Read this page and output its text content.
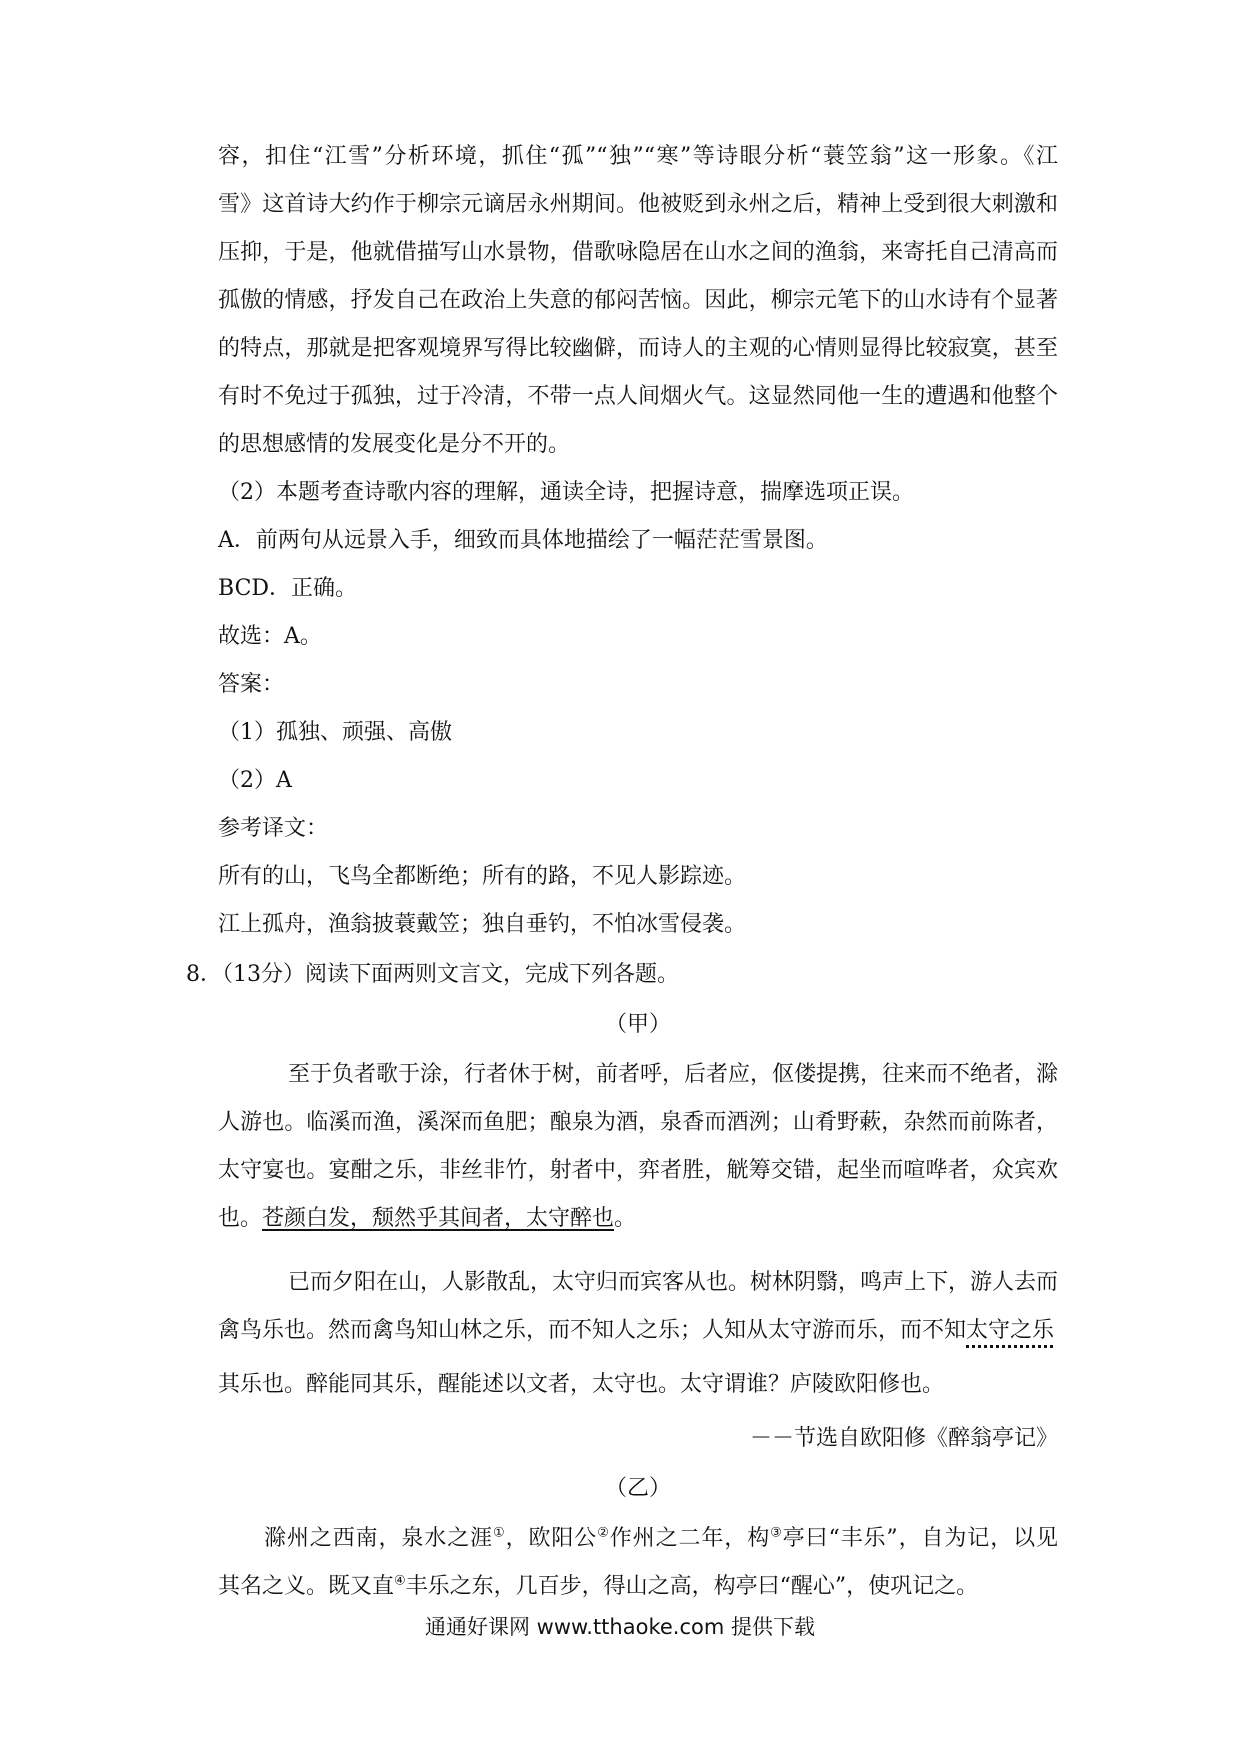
容，扣住“江雪”分析环境，抓住“孤”“独”“寒”等诗眼分析“蓑笠翁”这一形象。《江
雪》这首诗大约作于柳宗元谪居永州期间。他被贬到永州之后，精神上受到很大刺激和
压抑，于是，他就借描写山水景物，借歌咏隐居在山水之间的渔翁，来寄托自己清高而
孤傲的情感，抒发自己在政治上失意的郁闷苦恼。因此，柳宗元笔下的山水诗有个显著
的特点，那就是把客观境界写得比较幽僻，而诗人的主观的心情则显得比较寂寞，甚至
有时不免过于孤独，过于冷清，不带一点人间烟火气。这显然同他一生的遭遇和他整个
的思想感情的发展变化是分不开的。
（2）本题考查诗歌内容的理解，通读全诗，把握诗意，揣摩选项正误。
A．前两句从远景入手，细致而具体地描绘了一幅茫茫雪景图。
BCD．正确。
故选：A。
答案：
（1）孤独、顽强、高傲
（2）A
参考译文：
所有的山，飞鸟全都断绝；所有的路，不见人影踪迹。
江上孤舟，渔翁披蓑戴笠；独自垂钓，不怕冰雪侵袭。
8．（13分）阅读下面两则文言文，完成下列各题。
（甲）
至于负者歌于涂，行者休于树，前者呼，后者应，伛偻提携，往来而不绝者，滁
人游也。临溪而渔，溪深而鱼肥；酿泉为酒，泉香而酒洌；山肴野蔌，杂然而前陈者，
太守宴也。宴酣之乐，非丝非竹，射者中，弈者胜，觥筹交错，起坐而喧哗者，众宾欢
也。苍颜白发，颓然乎其间者，太守醉也。
已而夕阳在山，人影散乱，太守归而宾客从也。树林阴翳，鸣声上下，游人去而
禽鸟乐也。然而禽鸟知山林之乐，而不知人之乐；人知从太守游而乐，而不知太守之乐
其乐也。醉能同其乐，醒能述以文者，太守也。太守谓谁？庐陵欧阳修也。
－－节选自欧阳修《醉翁亭记》
（乙）
滁州之西南，泉水之涯①，欧阳公②作州之二年，构③亭曰“丰乐”，自为记，以见
其名之义。既又直④丰乐之东，几百步，得山之高，构亭曰“醒心”，使巩记之。
通通好课网 www.tthaoke.com 提供下载
